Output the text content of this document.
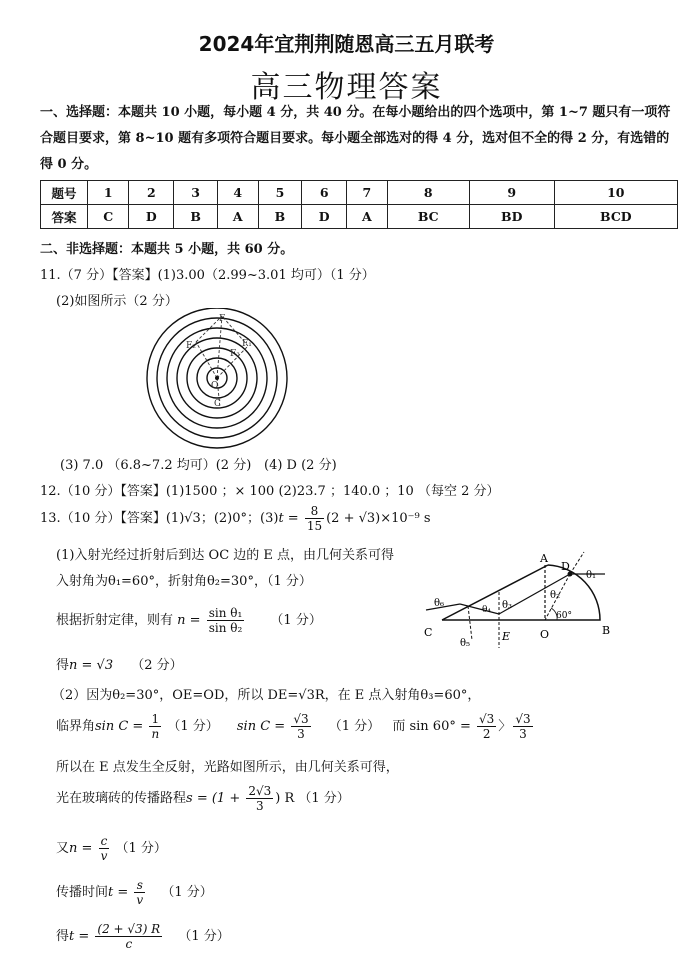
2024年宜荆荆随恩高三五月联考
高三物理答案
一、选择题：本题共 10 小题，每小题 4 分，共 40 分。在每小题给出的四个选项中，第 1~7 题只有一项符合题目要求，第 8~10 题有多项符合题目要求。每小题全部选对的得 4 分，选对但不全的得 2 分，有选错的得 0 分。
题号	1	2	3	4	5	6	7	8	9	10
答案	C	D	B	A	B	D	A	BC	BD	BCD
二、非选择题：本题共 5 小题，共 60 分。
11.（7 分）【答案】(1)3.00（2.99~3.01 均可）（1 分）
(2)如图所示（2 分）
F
F₁
F₂
F₃
O
C
(3) 7.0 （6.8~7.2 均可）(2 分) (4) D (2 分)
12.（10 分）【答案】(1)1500 ；× 100 (2)23.7 ；140.0 ；10 （每空 2 分）
13.（10 分）【答案】(1)√3；(2)0°；$(3)t = \frac{8}{15} (2 + √3)\times 10^{-9}$ s
(1)入射光经过折射后到达 OC 边的 E 点，由几何关系可得
入射角为θ₁=60°，折射角θ₂=30°，（1 分）
根据折射定律，则有 $n = \frac{\text{sin θ₁}}{\text{sin θ₂}} (1$ 分）
得n = √3 （2 分）
（2）因为θ₂=30°，OE=OD，所以 DE=√3R，在 E 点入射角θ₃=60°，
临界角$\sin C = \frac{1}{n} (1$ 分） $\sin C = \frac{√3}{3} (1$ 分） 而 $\sin 60^\circ = \frac{√3}{2}$ 〉 $\frac{√3}{3}$
所以在 E 点发生全反射，光路如图所示，由几何关系可得，
光在玻璃砖的传播路程$s = (1 + \frac{2√3}{3}$ ) R （1 分）
又$n = \frac{c}{v} (1$ 分）
传播时间$t = \frac{s}{v} (1$ 分）
得$t = \frac{(2 + √3) R}{c} (1$ 分）
A
D
C	O	B
E
θ₁
θ₂
θ₃
θ₄
θ₅
θ₆
60°
